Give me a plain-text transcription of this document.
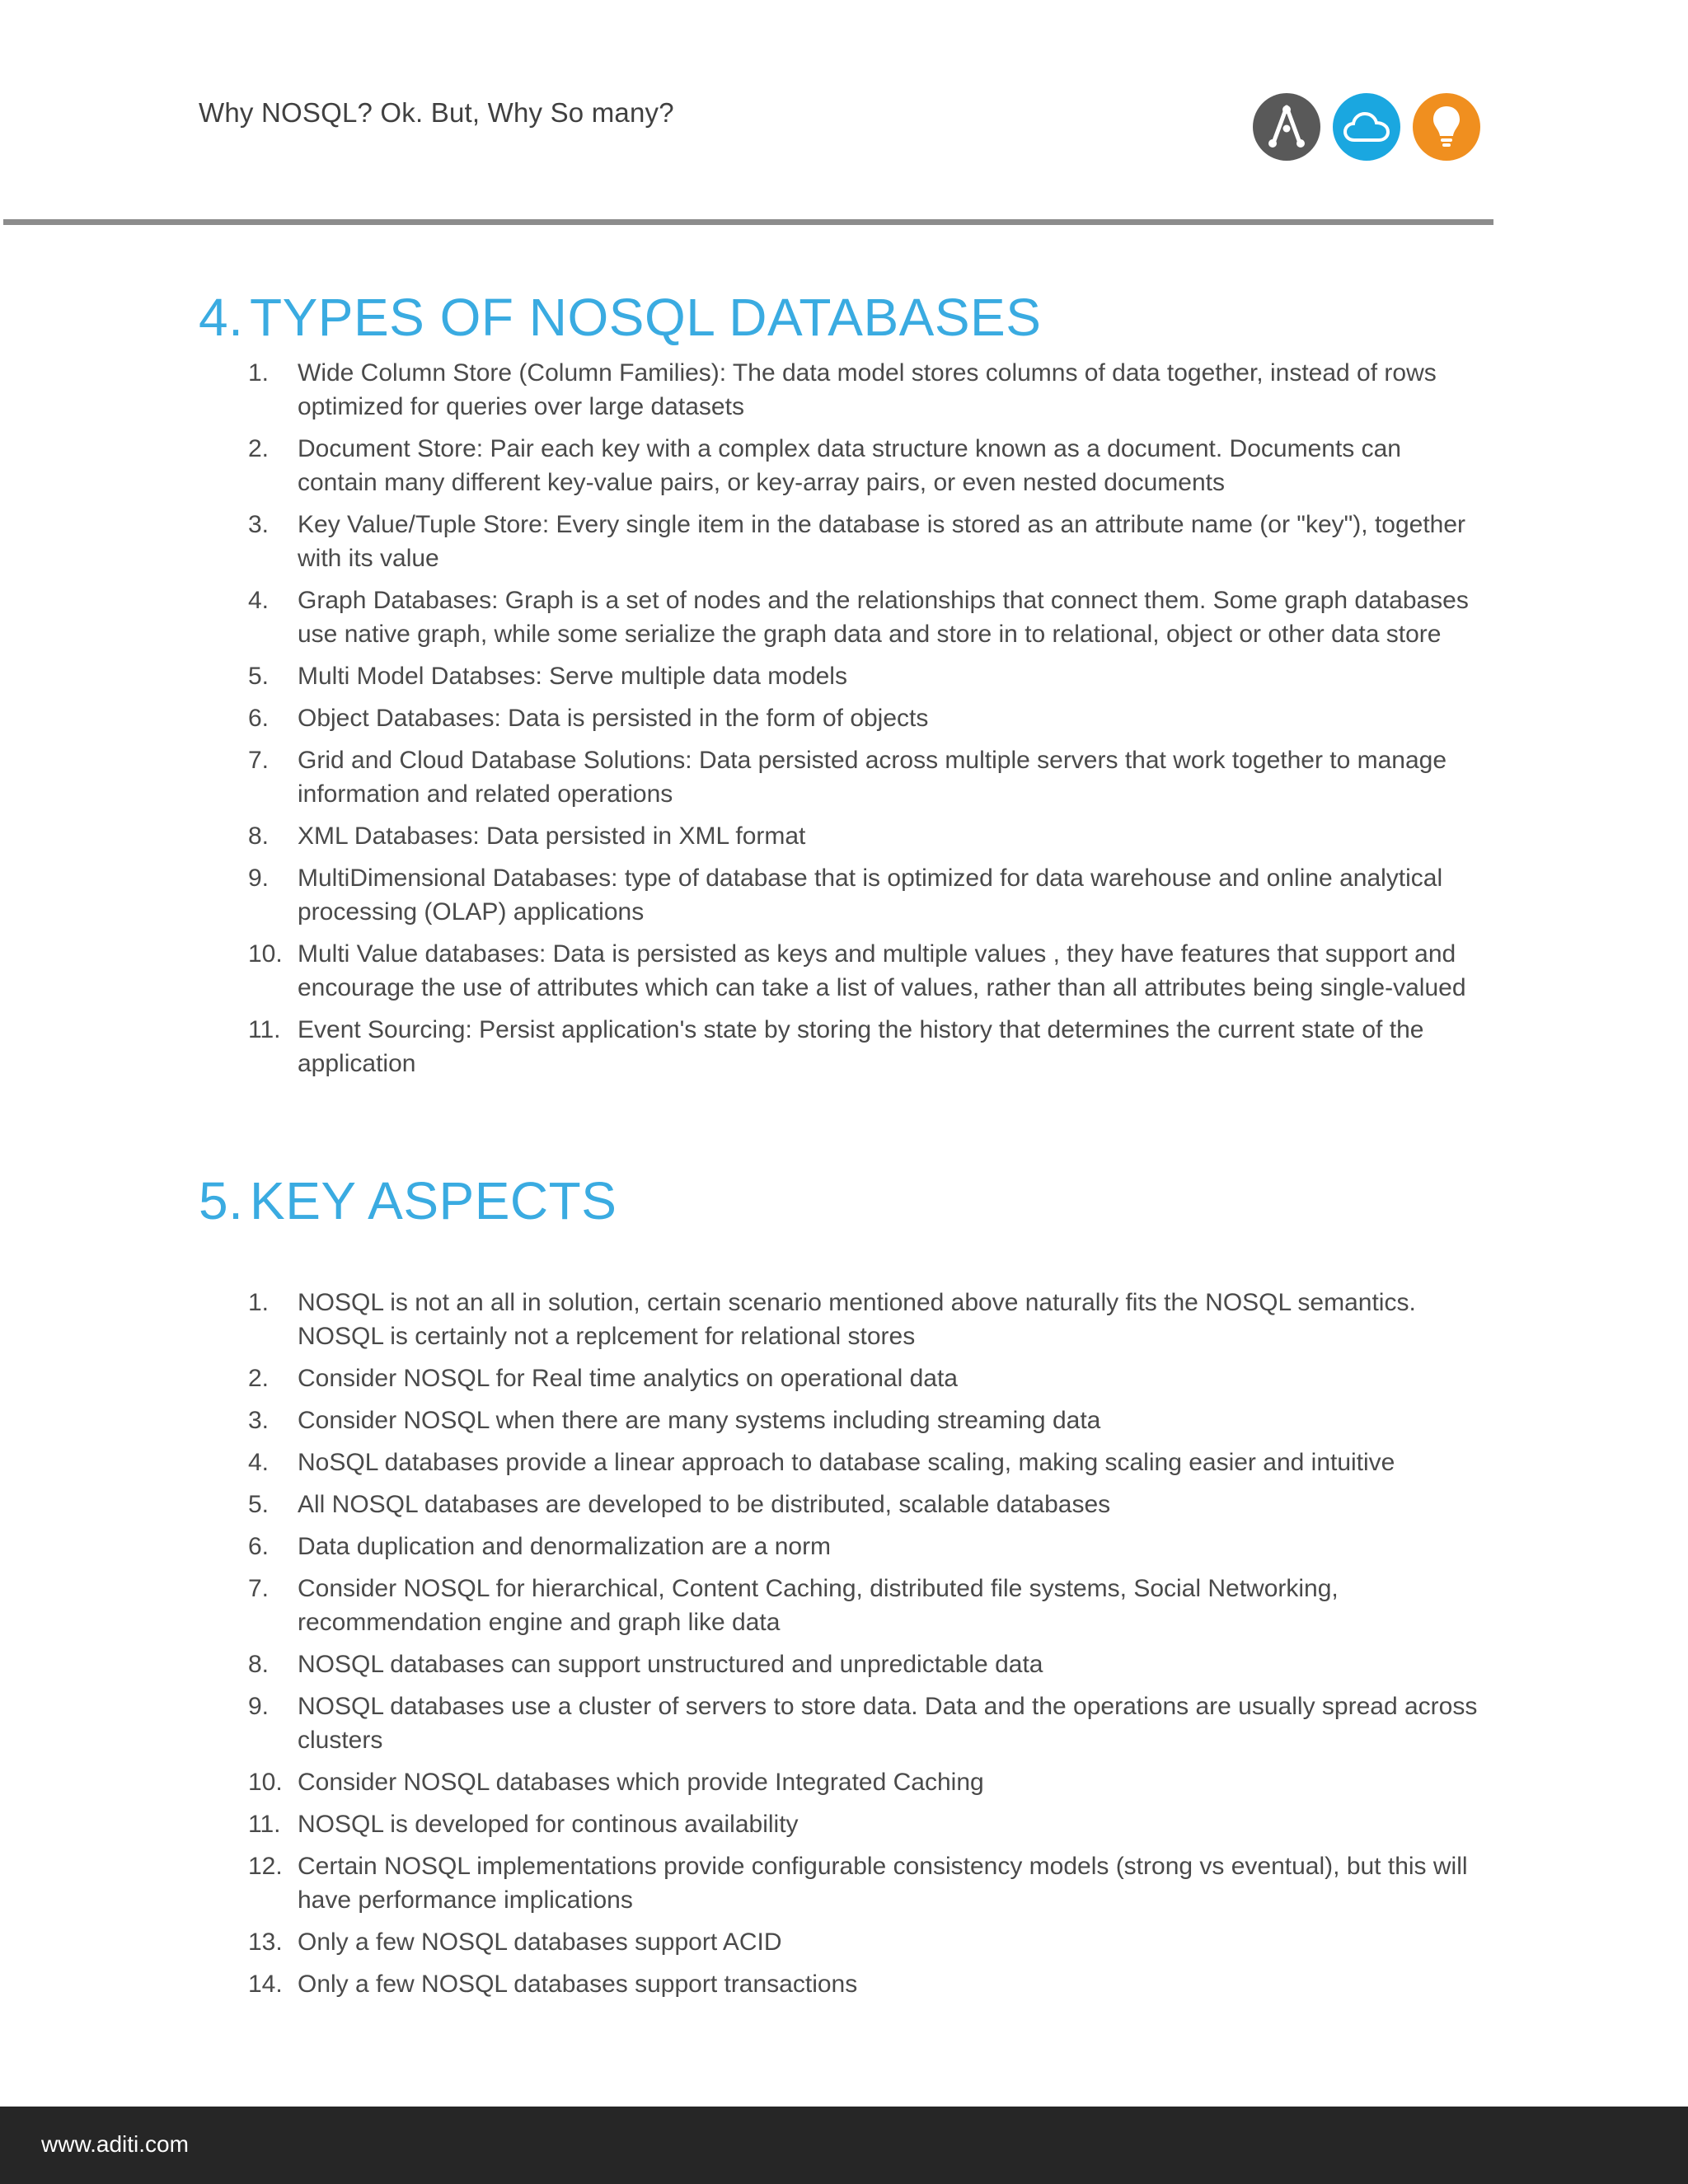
Why NOSQL? Ok. But, Why So many?
4. TYPES OF NOSQL DATABASES
1. Wide Column Store (Column Families): The data model stores columns of data together, instead of rows optimized for queries over large datasets
2. Document Store: Pair each key with a complex data structure known as a document. Documents can contain many different key-value pairs, or key-array pairs, or even nested documents
3. Key Value/Tuple Store: Every single item in the database is stored as an attribute name (or "key"), together with its value
4. Graph Databases: Graph is a set of nodes and the relationships that connect them. Some graph databases use native graph, while some serialize the graph data and store in to relational, object or other data store
5. Multi Model Databses: Serve multiple data models
6. Object Databases: Data is persisted in the form of objects
7. Grid and Cloud Database Solutions: Data persisted across multiple servers that work together to manage information and related operations
8. XML Databases: Data persisted in XML format
9. MultiDimensional Databases: type of database that is optimized for data warehouse and online analytical processing (OLAP) applications
10. Multi Value databases: Data is persisted as keys and multiple values , they have features that support and encourage the use of attributes which can take a list of values, rather than all attributes being single-valued
11. Event Sourcing: Persist application's state by storing the history that determines the current state of the application
5. KEY ASPECTS
1. NOSQL is not an all in solution, certain scenario mentioned above naturally fits the NOSQL semantics. NOSQL is certainly not a replcement for relational stores
2. Consider NOSQL for Real time analytics on operational data
3. Consider NOSQL when there are many systems including streaming data
4. NoSQL databases provide a linear approach to database scaling, making scaling easier and intuitive
5. All NOSQL databases are developed to be distributed, scalable databases
6. Data duplication and denormalization are a norm
7. Consider NOSQL for hierarchical, Content Caching, distributed file systems, Social Networking, recommendation engine and graph like data
8. NOSQL databases can support unstructured and unpredictable data
9. NOSQL databases use a cluster of servers to store data. Data and the operations are usually spread across clusters
10. Consider NOSQL databases which provide Integrated Caching
11. NOSQL is developed for continous availability
12. Certain NOSQL implementations provide configurable consistency models (strong vs eventual), but this will have performance implications
13. Only a few NOSQL databases support ACID
14. Only a few NOSQL databases support transactions
www.aditi.com
